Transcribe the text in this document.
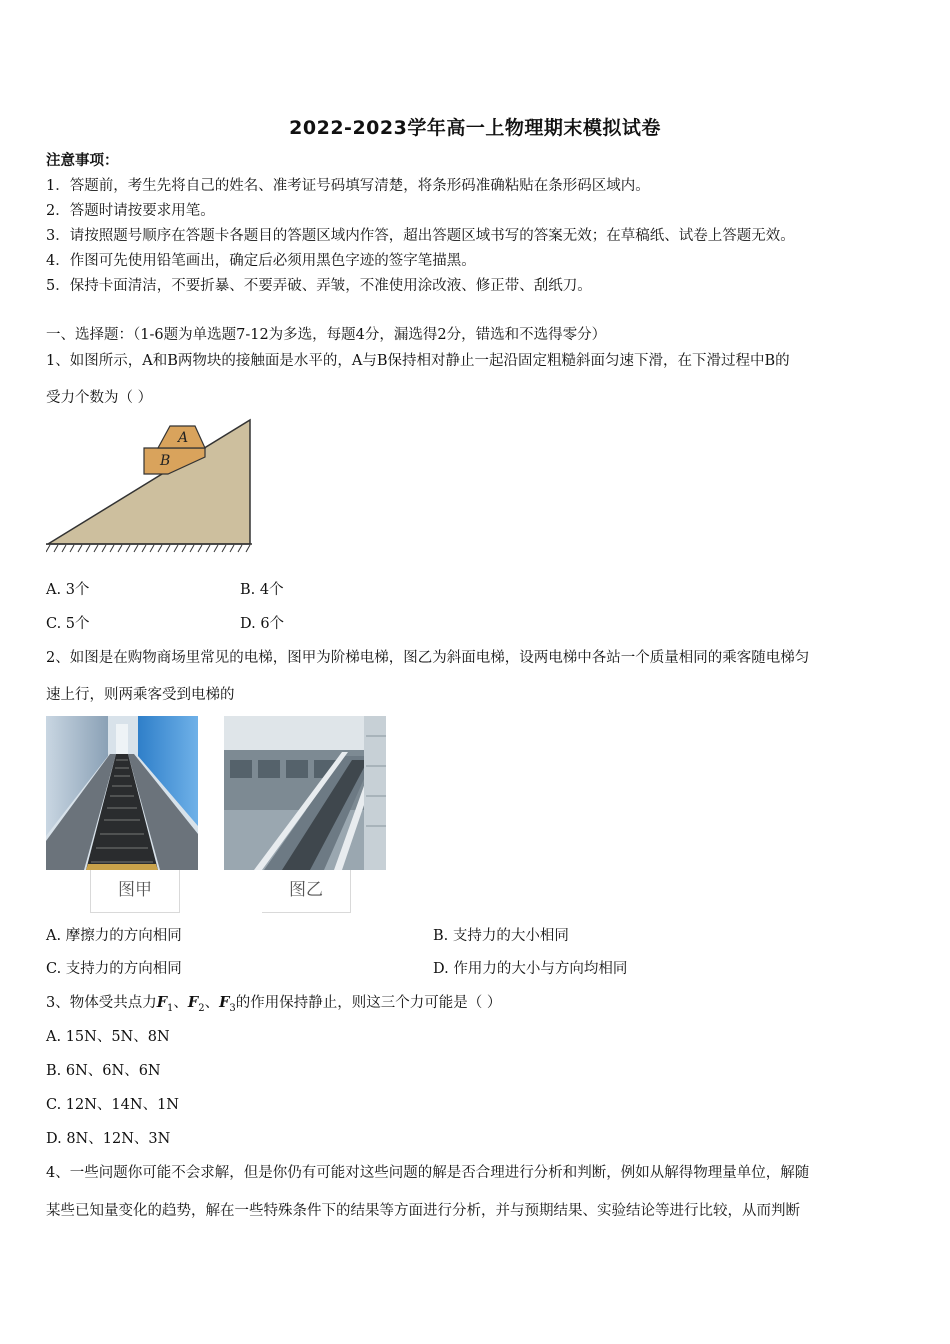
2022-2023学年高一上物理期末模拟试卷
注意事项：
1．答题前，考生先将自己的姓名、准考证号码填写清楚，将条形码准确粘贴在条形码区域内。
2．答题时请按要求用笔。
3．请按照题号顺序在答题卡各题目的答题区域内作答，超出答题区域书写的答案无效；在草稿纸、试卷上答题无效。
4．作图可先使用铅笔画出，确定后必须用黑色字迹的签字笔描黑。
5．保持卡面清洁，不要折暴、不要弄破、弄皱，不准使用涂改液、修正带、刮纸刀。
一、选择题：（1-6题为单选题7-12为多选，每题4分，漏选得2分，错选和不选得零分）
1、如图所示，A和B两物块的接触面是水平的，A与B保持相对静止一起沿固定粗糙斜面匀速下滑，在下滑过程中B的
受力个数为（ ）
A
B
A. 3个	B. 4个
C. 5个	D. 6个
2、如图是在购物商场里常见的电梯，图甲为阶梯电梯，图乙为斜面电梯，设两电梯中各站一个质量相同的乘客随电梯匀
速上行，则两乘客受到电梯的
图甲	图乙
A. 摩擦力的方向相同	B. 支持力的大小相同
C. 支持力的方向相同	D. 作用力的大小与方向均相同
3、物体受共点力$F_1$、$F_2$、$F_3$的作用保持静止，则这三个力可能是（ ）
A. 15N、5N、8N
B. 6N、6N、6N
C. 12N、14N、1N
D. 8N、12N、3N
4、一些问题你可能不会求解，但是你仍有可能对这些问题的解是否合理进行分析和判断，例如从解得物理量单位，解随
某些已知量变化的趋势，解在一些特殊条件下的结果等方面进行分析，并与预期结果、实验结论等进行比较，从而判断
